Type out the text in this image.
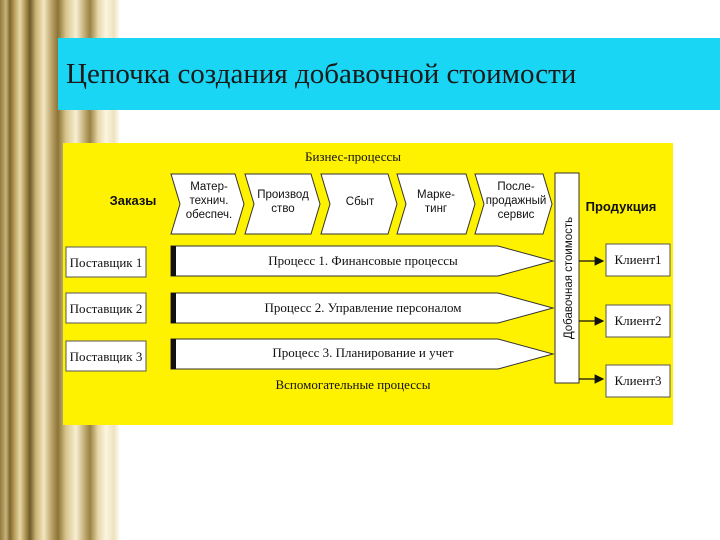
Цепочка создания добавочной стоимости
Бизнес-процессы
Заказы
Матер-
технич.
обеспеч.
Производ
ство
Сбыт
Марке-
тинг
После-
продажный
сервис
Добавочная стоимость
Продукция
Поставщик 1
Поставщик 2
Поставщик 3
Процесс 1. Финансовые процессы
Процесс 2. Управление персоналом
Процесс 3. Планирование и учет
Вспомогательные процессы
Клиент1
Клиент2
Клиент3
